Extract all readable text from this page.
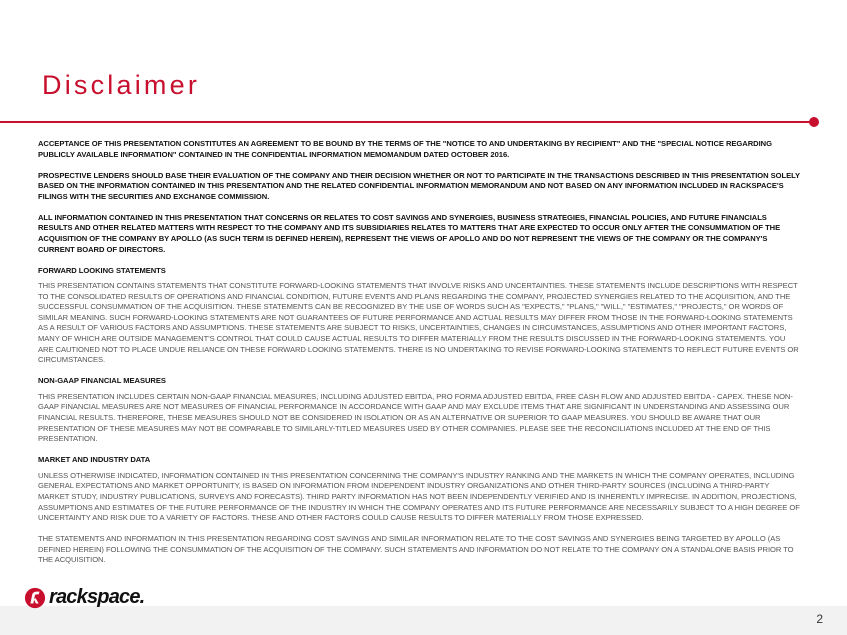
Disclaimer

ACCEPTANCE OF THIS PRESENTATION CONSTITUTES AN AGREEMENT TO BE BOUND BY THE TERMS OF THE "NOTICE TO AND UNDERTAKING BY RECIPIENT" AND THE "SPECIAL NOTICE REGARDING PUBLICLY AVAILABLE INFORMATION" CONTAINED IN THE CONFIDENTIAL INFORMATION MEMOMANDUM DATED OCTOBER 2016.

PROSPECTIVE LENDERS SHOULD BASE THEIR EVALUATION OF THE COMPANY AND THEIR DECISION WHETHER OR NOT TO PARTICIPATE IN THE TRANSACTIONS DESCRIBED IN THIS PRESENTATION SOLELY BASED ON THE INFORMATION CONTAINED IN THIS PRESENTATION AND THE RELATED CONFIDENTIAL INFORMATION MEMORANDUM AND NOT BASED ON ANY INFORMATION INCLUDED IN RACKSPACE'S FILINGS WITH THE SECURITIES AND EXCHANGE COMMISSION.

ALL INFORMATION CONTAINED IN THIS PRESENTATION THAT CONCERNS OR RELATES TO COST SAVINGS AND SYNERGIES, BUSINESS STRATEGIES, FINANCIAL POLICIES, AND FUTURE FINANCIALS RESULTS AND OTHER RELATED MATTERS WITH RESPECT TO THE COMPANY AND ITS SUBSIDIARIES RELATES TO MATTERS THAT ARE EXPECTED TO OCCUR ONLY AFTER THE CONSUMMATION OF THE ACQUISITION OF THE COMPANY BY APOLLO (AS SUCH TERM IS DEFINED HEREIN), REPRESENT THE VIEWS OF APOLLO AND DO NOT REPRESENT THE VIEWS OF THE COMPANY OR THE COMPANY'S CURRENT BOARD OF DIRECTORS.

FORWARD LOOKING STATEMENTS

THIS PRESENTATION CONTAINS STATEMENTS THAT CONSTITUTE FORWARD-LOOKING STATEMENTS THAT INVOLVE RISKS AND UNCERTAINTIES. THESE STATEMENTS INCLUDE DESCRIPTIONS WITH RESPECT TO THE CONSOLIDATED RESULTS OF OPERATIONS AND FINANCIAL CONDITION, FUTURE EVENTS AND PLANS REGARDING THE COMPANY, PROJECTED SYNERGIES RELATED TO THE ACQUISITION, AND THE SUCCESSFUL CONSUMMATION OF THE ACQUISITION. THESE STATEMENTS CAN BE RECOGNIZED BY THE USE OF WORDS SUCH AS "EXPECTS," "PLANS," "WILL," "ESTIMATES," "PROJECTS," OR WORDS OF SIMILAR MEANING. SUCH FORWARD-LOOKING STATEMENTS ARE NOT GUARANTEES OF FUTURE PERFORMANCE AND ACTUAL RESULTS MAY DIFFER FROM THOSE IN THE FORWARD-LOOKING STATEMENTS AS A RESULT OF VARIOUS FACTORS AND ASSUMPTIONS. THESE STATEMENTS ARE SUBJECT TO RISKS, UNCERTAINTIES, CHANGES IN CIRCUMSTANCES, ASSUMPTIONS AND OTHER IMPORTANT FACTORS, MANY OF WHICH ARE OUTSIDE MANAGEMENT'S CONTROL THAT COULD CAUSE ACTUAL RESULTS TO DIFFER MATERIALLY FROM THE RESULTS DISCUSSED IN THE FORWARD-LOOKING STATEMENTS. YOU ARE CAUTIONED NOT TO PLACE UNDUE RELIANCE ON THESE FORWARD LOOKING STATEMENTS. THERE IS NO UNDERTAKING TO REVISE FORWARD-LOOKING STATEMENTS TO REFLECT FUTURE EVENTS OR CIRCUMSTANCES.

NON-GAAP FINANCIAL MEASURES

THIS PRESENTATION INCLUDES CERTAIN NON-GAAP FINANCIAL MEASURES, INCLUDING ADJUSTED EBITDA, PRO FORMA ADJUSTED EBITDA, FREE CASH FLOW AND ADJUSTED EBITDA - CAPEX. THESE NON-GAAP FINANCIAL MEASURES ARE NOT MEASURES OF FINANCIAL PERFORMANCE IN ACCORDANCE WITH GAAP AND MAY EXCLUDE ITEMS THAT ARE SIGNIFICANT IN UNDERSTANDING AND ASSESSING OUR FINANCIAL RESULTS. THEREFORE, THESE MEASURES SHOULD NOT BE CONSIDERED IN ISOLATION OR AS AN ALTERNATIVE OR SUPERIOR TO GAAP MEASURES. YOU SHOULD BE AWARE THAT OUR PRESENTATION OF THESE MEASURES MAY NOT BE COMPARABLE TO SIMILARLY-TITLED MEASURES USED BY OTHER COMPANIES. PLEASE SEE THE RECONCILIATIONS INCLUDED AT THE END OF THIS PRESENTATION.

MARKET AND INDUSTRY DATA

UNLESS OTHERWISE INDICATED, INFORMATION CONTAINED IN THIS PRESENTATION CONCERNING THE COMPANY'S INDUSTRY RANKING AND THE MARKETS IN WHICH THE COMPANY OPERATES, INCLUDING GENERAL EXPECTATIONS AND MARKET OPPORTUNITY, IS BASED ON INFORMATION FROM INDEPENDENT INDUSTRY ORGANIZATIONS AND OTHER THIRD-PARTY SOURCES (INCLUDING A THIRD-PARTY MARKET STUDY, INDUSTRY PUBLICATIONS, SURVEYS AND FORECASTS). THIRD PARTY INFORMATION HAS NOT BEEN INDEPENDENTLY VERIFIED AND IS INHERENTLY IMPRECISE. IN ADDITION, PROJECTIONS, ASSUMPTIONS AND ESTIMATES OF THE FUTURE PERFORMANCE OF THE INDUSTRY IN WHICH THE COMPANY OPERATES AND ITS FUTURE PERFORMANCE ARE NECESSARILY SUBJECT TO A HIGH DEGREE OF UNCERTAINTY AND RISK DUE TO A VARIETY OF FACTORS. THESE AND OTHER FACTORS COULD CAUSE RESULTS TO DIFFER MATERIALLY FROM THOSE EXPRESSED.

THE STATEMENTS AND INFORMATION IN THIS PRESENTATION REGARDING COST SAVINGS AND SIMILAR INFORMATION RELATE TO THE COST SAVINGS AND SYNERGIES BEING TARGETED BY APOLLO (AS DEFINED HEREIN) FOLLOWING THE CONSUMMATION OF THE ACQUISITION OF THE COMPANY. SUCH STATEMENTS AND INFORMATION DO NOT RELATE TO THE COMPANY ON A STANDALONE BASIS PRIOR TO THE ACQUISITION.

rackspace.
2
